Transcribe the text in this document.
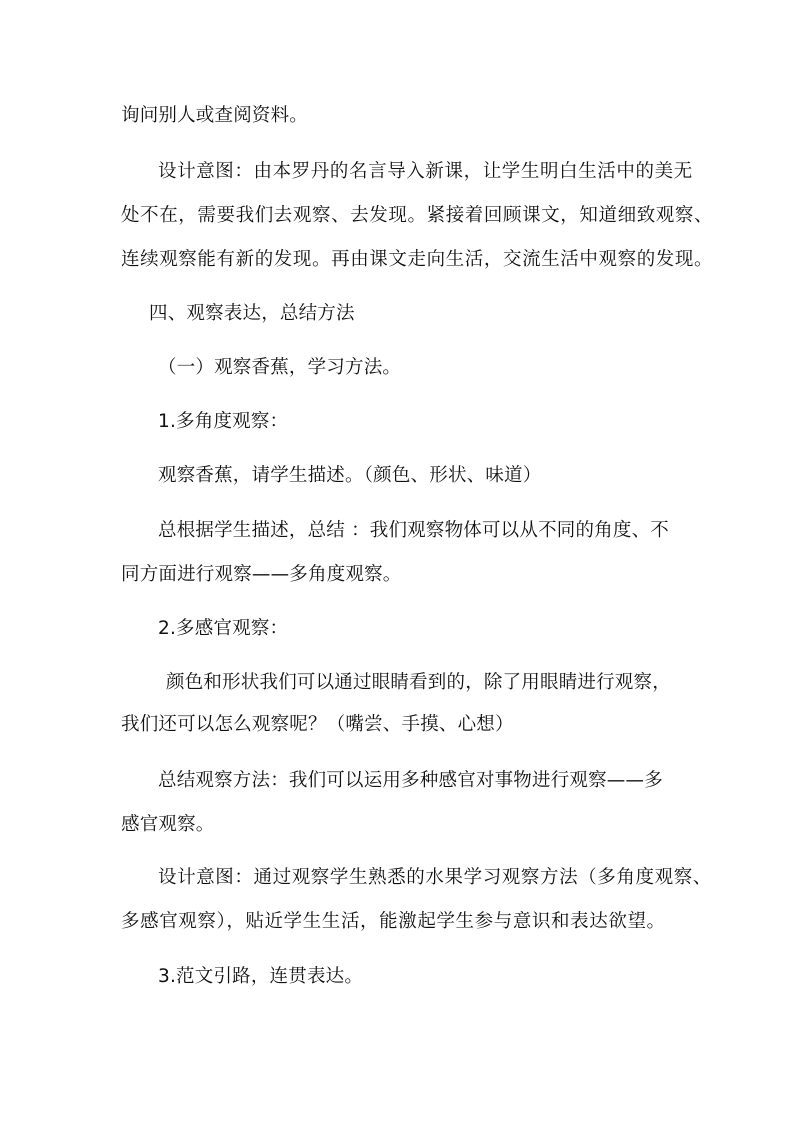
询问别人或查阅资料。
设计意图：由本罗丹的名言导入新课，让学生明白生活中的美无
处不在，需要我们去观察、去发现。紧接着回顾课文，知道细致观察、
连续观察能有新的发现。再由课文走向生活，交流生活中观察的发现。
四、观察表达，总结方法
（一）观察香蕉，学习方法。
1.多角度观察：
观察香蕉，请学生描述。（颜色、形状、味道）
总根据学生描述，总结 ：我们观察物体可以从不同的角度、不
同方面进行观察——多角度观察。
2.多感官观察：
颜色和形状我们可以通过眼睛看到的，除了用眼睛进行观察，
我们还可以怎么观察呢？（嘴尝、手摸、心想）
总结观察方法：我们可以运用多种感官对事物进行观察——多
感官观察。
设计意图：通过观察学生熟悉的水果学习观察方法（多角度观察、
多感官观察），贴近学生生活，能激起学生参与意识和表达欲望。
3.范文引路，连贯表达。
